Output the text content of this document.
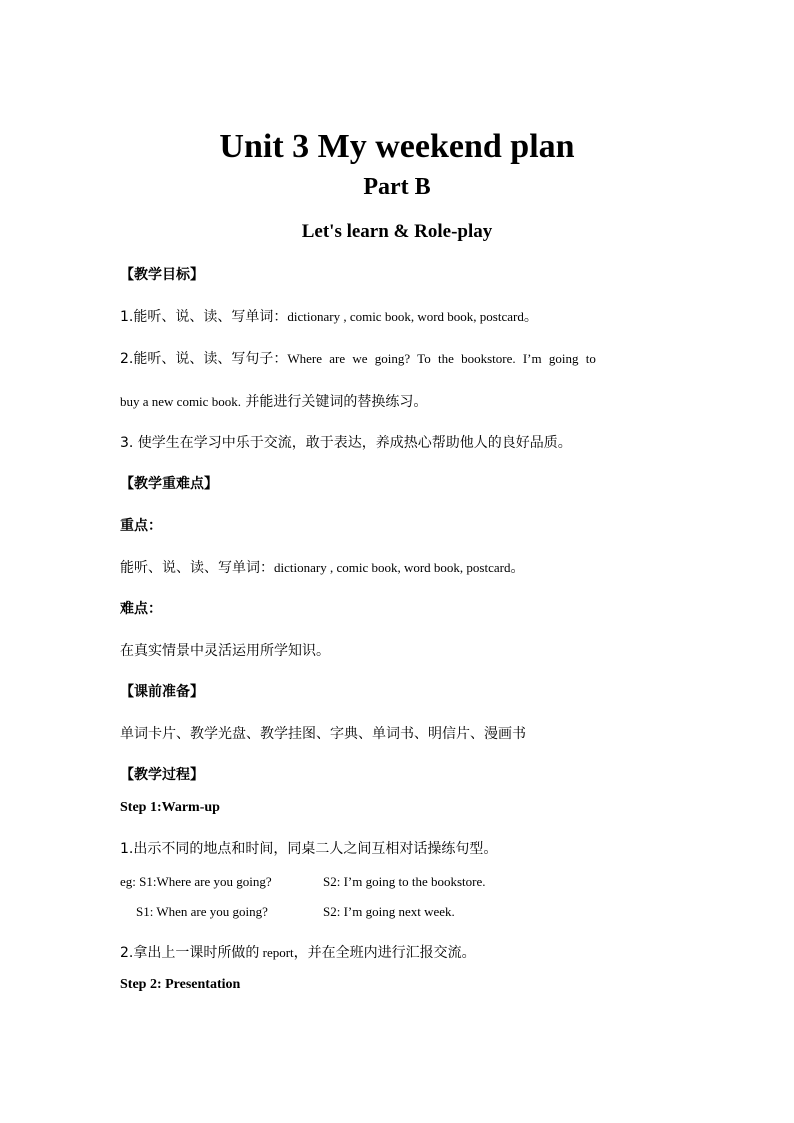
Unit 3 My weekend plan
Part B
Let's learn & Role-play
【教学目标】
1.能听、说、读、写单词：dictionary , comic book, word book, postcard。
2.能听、说、读、写句子：Where are we going? To the bookstore. I’m going to
buy a new comic book. 并能进行关键词的替换练习。
3. 使学生在学习中乐于交流，敢于表达，养成热心帮助他人的良好品质。
【教学重难点】
重点：
能听、说、读、写单词：dictionary , comic book, word book, postcard。
难点：
在真实情景中灵活运用所学知识。
【课前准备】
单词卡片、教学光盘、教学挂图、字典、单词书、明信片、漫画书
【教学过程】
Step 1:Warm-up
1.出示不同的地点和时间，同桌二人之间互相对话操练句型。
eg: S1:Where are you going?	S2: I’m going to the bookstore.
S1: When are you going?	S2: I’m going next week.
2.拿出上一课时所做的 report，并在全班内进行汇报交流。
Step 2: Presentation
